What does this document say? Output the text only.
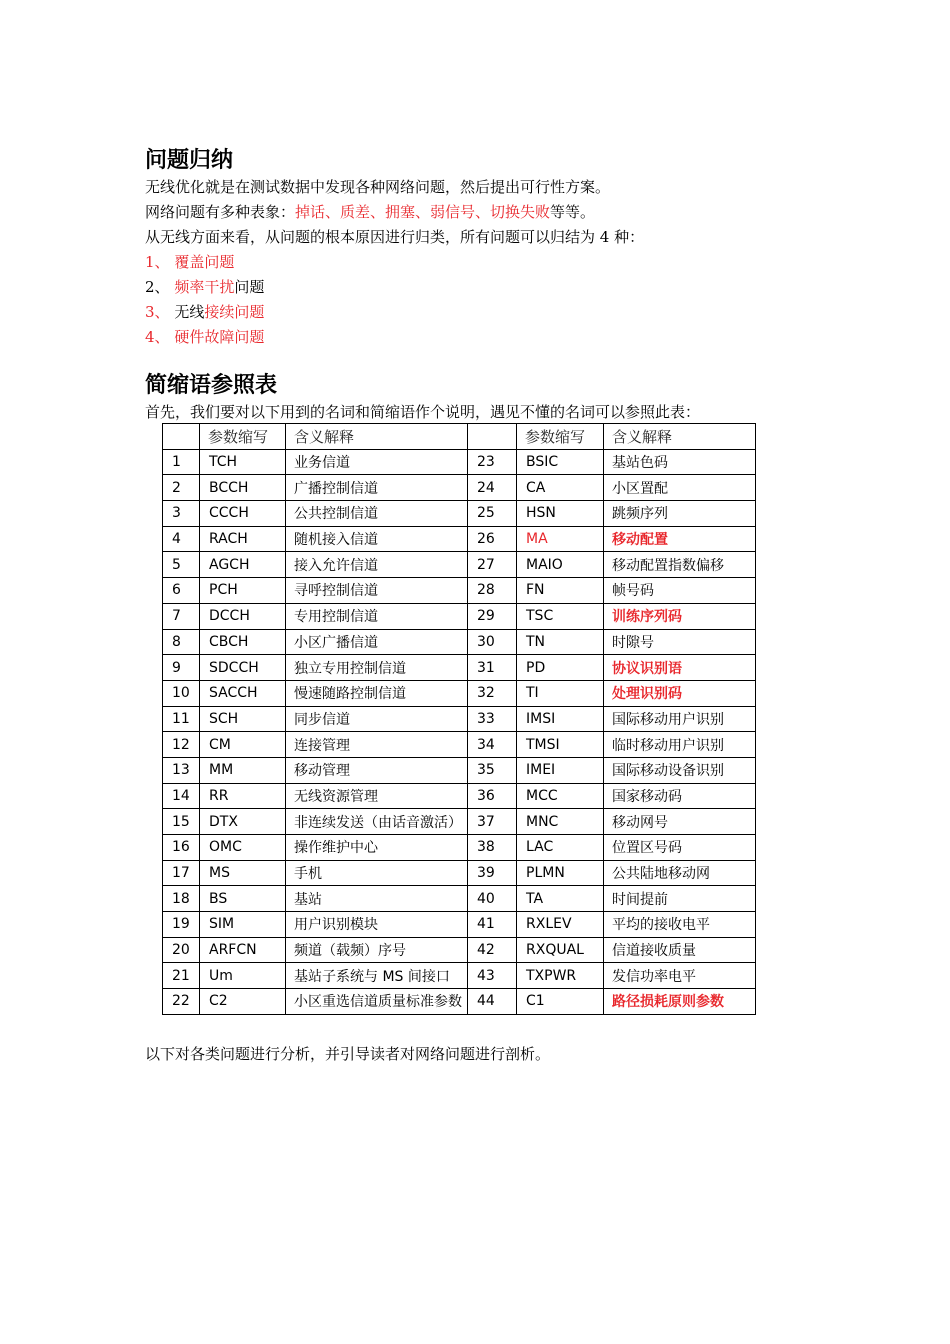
问题归纳
无线优化就是在测试数据中发现各种网络问题，然后提出可行性方案。
网络问题有多种表象：掉话、质差、拥塞、弱信号、切换失败等等。
从无线方面来看，从问题的根本原因进行归类，所有问题可以归结为 4 种：
1、 覆盖问题
2、 频率干扰问题
3、 无线接续问题
4、 硬件故障问题
简缩语参照表
首先，我们要对以下用到的名词和简缩语作个说明，遇见不懂的名词可以参照此表：
	参数缩写	含义解释		参数缩写	含义解释
1	TCH	业务信道	23	BSIC	基站色码
2	BCCH	广播控制信道	24	CA	小区置配
3	CCCH	公共控制信道	25	HSN	跳频序列
4	RACH	随机接入信道	26	MA	移动配置
5	AGCH	接入允许信道	27	MAIO	移动配置指数偏移
6	PCH	寻呼控制信道	28	FN	帧号码
7	DCCH	专用控制信道	29	TSC	训练序列码
8	CBCH	小区广播信道	30	TN	时隙号
9	SDCCH	独立专用控制信道	31	PD	协议识别语
10	SACCH	慢速随路控制信道	32	TI	处理识别码
11	SCH	同步信道	33	IMSI	国际移动用户识别
12	CM	连接管理	34	TMSI	临时移动用户识别
13	MM	移动管理	35	IMEI	国际移动设备识别
14	RR	无线资源管理	36	MCC	国家移动码
15	DTX	非连续发送（由话音激活）	37	MNC	移动网号
16	OMC	操作维护中心	38	LAC	位置区号码
17	MS	手机	39	PLMN	公共陆地移动网
18	BS	基站	40	TA	时间提前
19	SIM	用户识别模块	41	RXLEV	平均的接收电平
20	ARFCN	频道（载频）序号	42	RXQUAL	信道接收质量
21	Um	基站子系统与 MS 间接口	43	TXPWR	发信功率电平
22	C2	小区重选信道质量标准参数	44	C1	路径损耗原则参数
以下对各类问题进行分析，并引导读者对网络问题进行剖析。
